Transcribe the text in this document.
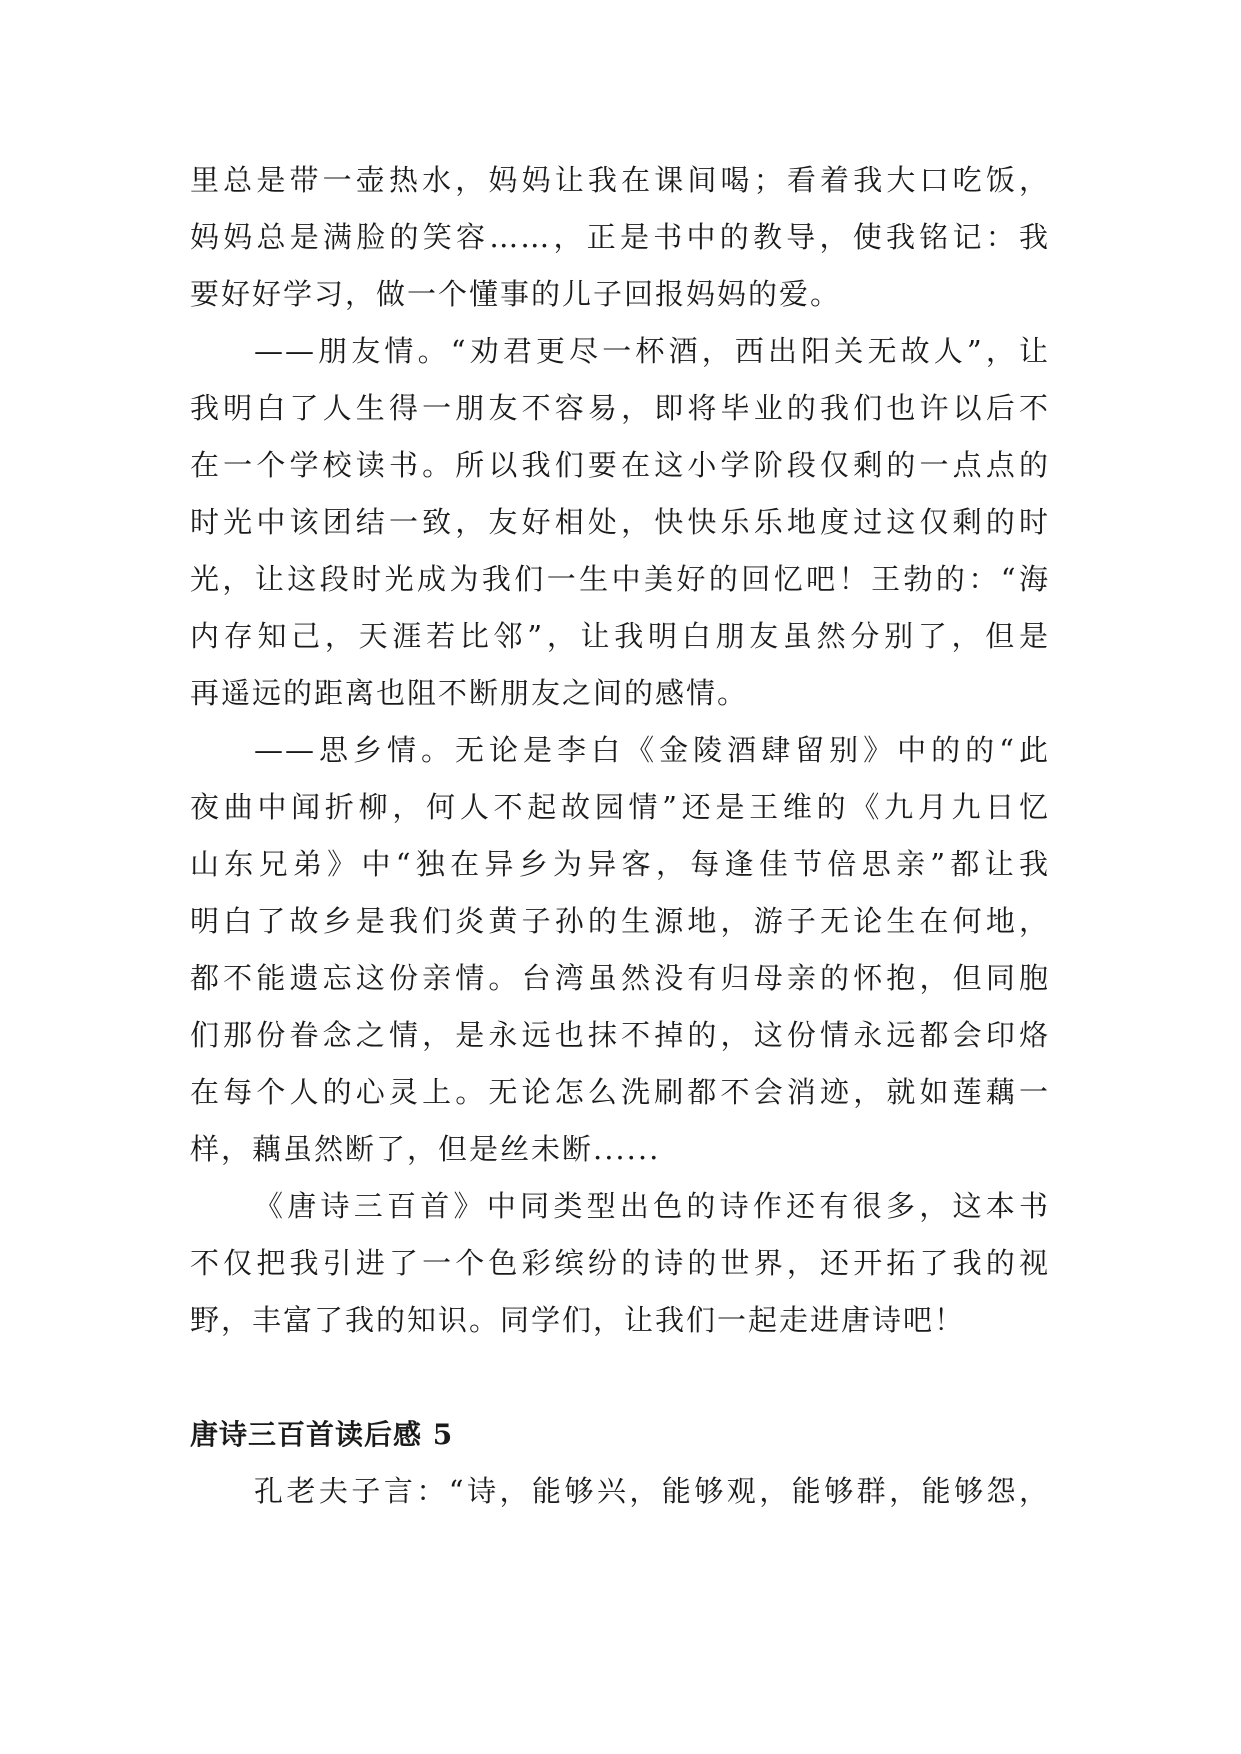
里总是带一壶热水，妈妈让我在课间喝；看着我大口吃饭，
妈妈总是满脸的笑容……，正是书中的教导，使我铭记：我
要好好学习，做一个懂事的儿子回报妈妈的爱。

——朋友情。“劝君更尽一杯酒，西出阳关无故人”，让
我明白了人生得一朋友不容易，即将毕业的我们也许以后不
在一个学校读书。所以我们要在这小学阶段仅剩的一点点的
时光中该团结一致，友好相处，快快乐乐地度过这仅剩的时
光，让这段时光成为我们一生中美好的回忆吧！王勃的：“海
内存知己，天涯若比邻”，让我明白朋友虽然分别了，但是
再遥远的距离也阻不断朋友之间的感情。

——思乡情。无论是李白《金陵酒肆留别》中的的“此
夜曲中闻折柳，何人不起故园情”还是王维的《九月九日忆
山东兄弟》中“独在异乡为异客，每逢佳节倍思亲”都让我
明白了故乡是我们炎黄子孙的生源地，游子无论生在何地，
都不能遗忘这份亲情。台湾虽然没有归母亲的怀抱，但同胞
们那份眷念之情，是永远也抹不掉的，这份情永远都会印烙
在每个人的心灵上。无论怎么洗刷都不会消迹，就如莲藕一
样，藕虽然断了，但是丝未断......

《唐诗三百首》中同类型出色的诗作还有很多，这本书
不仅把我引进了一个色彩缤纷的诗的世界，还开拓了我的视
野，丰富了我的知识。同学们，让我们一起走进唐诗吧！

唐诗三百首读后感 5

孔老夫子言：“诗，能够兴，能够观，能够群，能够怨，
